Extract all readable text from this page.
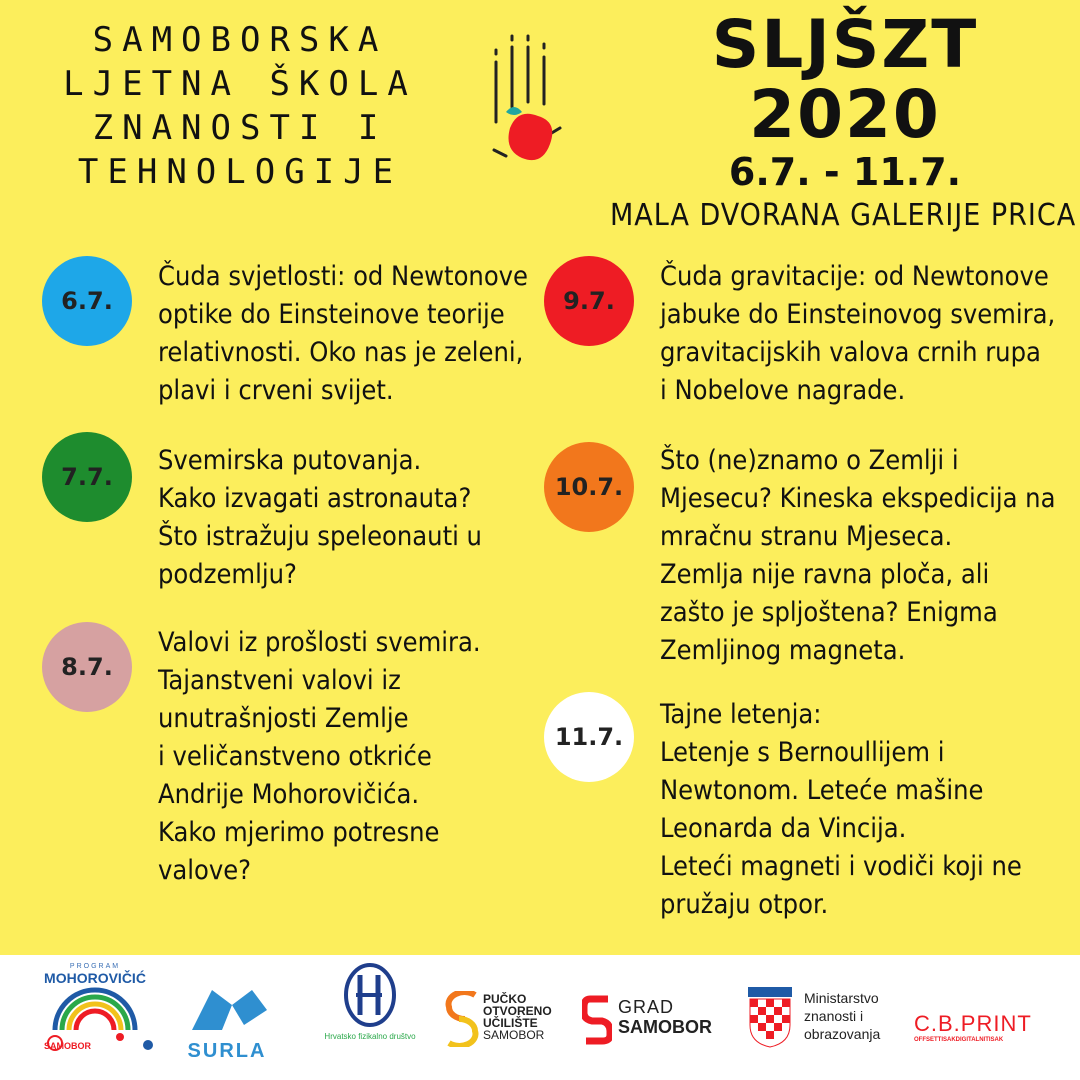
SAMOBORSKA
LJETNA ŠKOLA
ZNANOSTI I
TEHNOLOGIJE
SLJŠZT
2020
6.7. - 11.7.
MALA DVORANA GALERIJE PRICA
6.7.
Čuda svjetlosti: od Newtonove
optike do Einsteinove teorije
relativnosti. Oko nas je zeleni,
plavi i crveni svijet.
7.7.
Svemirska putovanja.
Kako izvagati astronauta?
Što istražuju speleonauti u
podzemlju?
8.7.
Valovi iz prošlosti svemira.
Tajanstveni valovi iz
unutrašnjosti Zemlje
i veličanstveno otkriće
Andrije Mohorovičića.
Kako mjerimo potresne
valove?
9.7.
Čuda gravitacije: od Newtonove
jabuke do Einsteinovog svemira,
gravitacijskih valova crnih rupa
i Nobelove nagrade.
10.7.
Što (ne)znamo o Zemlji i
Mjesecu? Kineska ekspedicija na
mračnu stranu Mjeseca.
Zemlja nije ravna ploča, ali
zašto je spljoštena? Enigma
Zemljinog magneta.
11.7.
Tajne letenja:
Letenje s Bernoullijem i
Newtonom. Leteće mašine
Leonarda da Vincija.
Leteći magneti i vodiči koji ne
pružaju otpor.
PROGRAM
MOHOROVIČIĆ
SAMOBOR	SURLA
Hrvatsko fizikalno društvo
PUČKO
OTVORENO
UČILIŠTE
SAMOBOR
GRAD
SAMOBOR
Ministarstvo
znanosti i
obrazovanja C.B.PRINT
OFFSETTISAKDIGITALNITISAK
